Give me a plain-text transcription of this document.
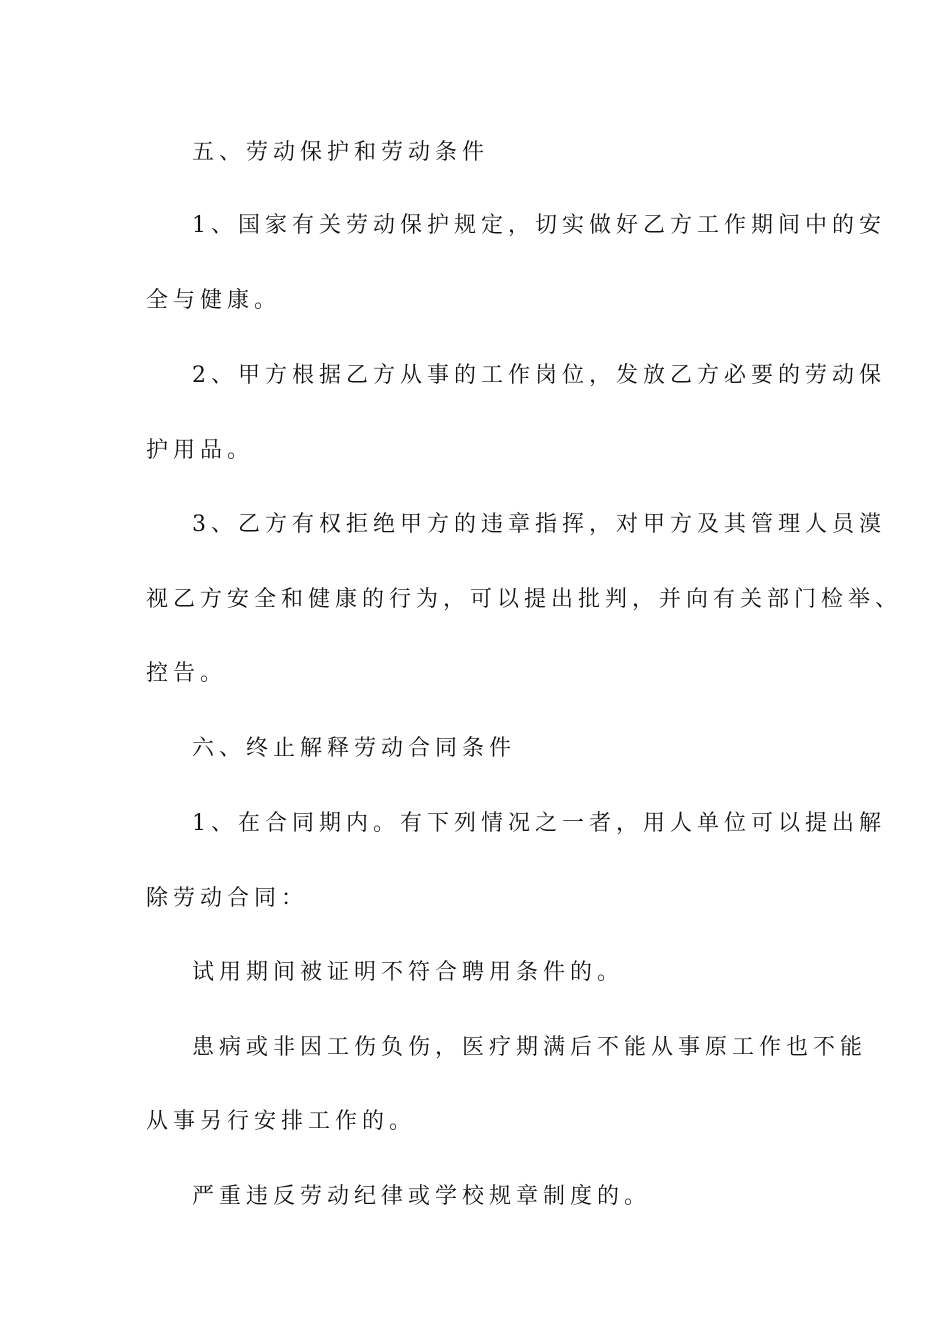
五、劳动保护和劳动条件
1、国家有关劳动保护规定，切实做好乙方工作期间中的安
全与健康。
2、甲方根据乙方从事的工作岗位，发放乙方必要的劳动保
护用品。
3、乙方有权拒绝甲方的违章指挥，对甲方及其管理人员漠
视乙方安全和健康的行为，可以提出批判，并向有关部门检举、
控告。
六、终止解释劳动合同条件
1、在合同期内。有下列情况之一者，用人单位可以提出解
除劳动合同：
试用期间被证明不符合聘用条件的。
患病或非因工伤负伤，医疗期满后不能从事原工作也不能
从事另行安排工作的。
严重违反劳动纪律或学校规章制度的。
